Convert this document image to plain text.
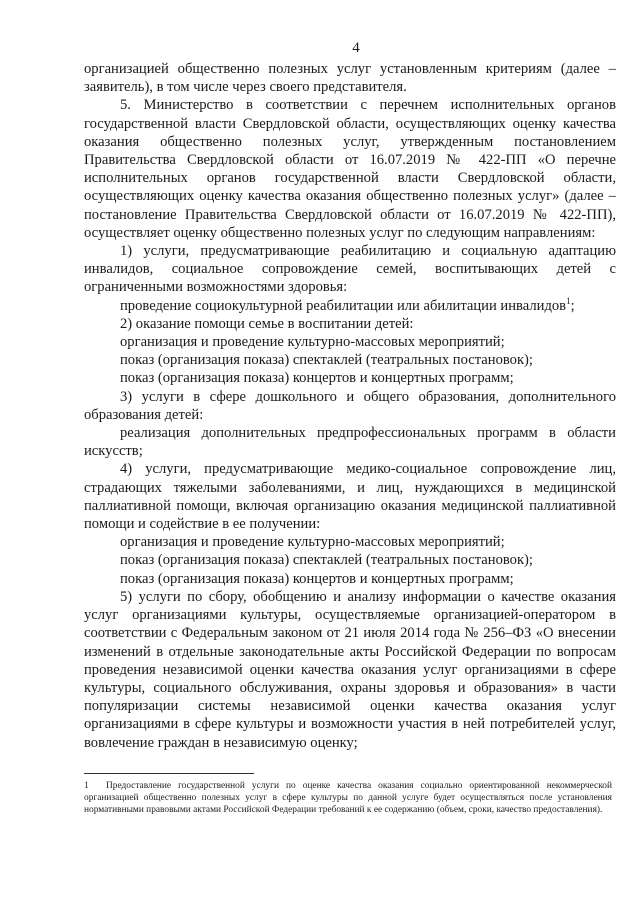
4

организацией общественно полезных услуг установленным критериям (далее – заявитель), в том числе через своего представителя.

5. Министерство в соответствии с перечнем исполнительных органов государственной власти Свердловской области, осуществляющих оценку качества оказания общественно полезных услуг, утвержденным постановлением Правительства Свердловской области от 16.07.2019 № 422-ПП «О перечне исполнительных органов государственной власти Свердловской области, осуществляющих оценку качества оказания общественно полезных услуг» (далее – постановление Правительства Свердловской области от 16.07.2019 № 422-ПП), осуществляет оценку общественно полезных услуг по следующим направлениям:

1) услуги, предусматривающие реабилитацию и социальную адаптацию инвалидов, социальное сопровождение семей, воспитывающих детей с ограниченными возможностями здоровья:

проведение социокультурной реабилитации или абилитации инвалидов$^1$;

2) оказание помощи семье в воспитании детей:

организация и проведение культурно-массовых мероприятий;

показ (организация показа) спектаклей (театральных постановок);

показ (организация показа) концертов и концертных программ;

3) услуги в сфере дошкольного и общего образования, дополнительного образования детей:

реализация дополнительных предпрофессиональных программ в области искусств;

4) услуги, предусматривающие медико-социальное сопровождение лиц, страдающих тяжелыми заболеваниями, и лиц, нуждающихся в медицинской паллиативной помощи, включая организацию оказания медицинской паллиативной помощи и содействие в ее получении:

организация и проведение культурно-массовых мероприятий;

показ (организация показа) спектаклей (театральных постановок);

показ (организация показа) концертов и концертных программ;

5) услуги по сбору, обобщению и анализу информации о качестве оказания услуг организациями культуры, осуществляемые организацией-оператором в соответствии с Федеральным законом от 21 июля 2014 года № 256–ФЗ «О внесении изменений в отдельные законодательные акты Российской Федерации по вопросам проведения независимой оценки качества оказания услуг организациями в сфере культуры, социального обслуживания, охраны здоровья и образования» в части популяризации системы независимой оценки качества оказания услуг организациями в сфере культуры и возможности участия в ней потребителей услуг, вовлечение граждан в независимую оценку;

1 Предоставление государственной услуги по оценке качества оказания социально ориентированной некоммерческой организацией общественно полезных услуг в сфере культуры по данной услуге будет осуществляться после установления нормативными правовыми актами Российской Федерации требований к ее содержанию (объем, сроки, качество предоставления).
